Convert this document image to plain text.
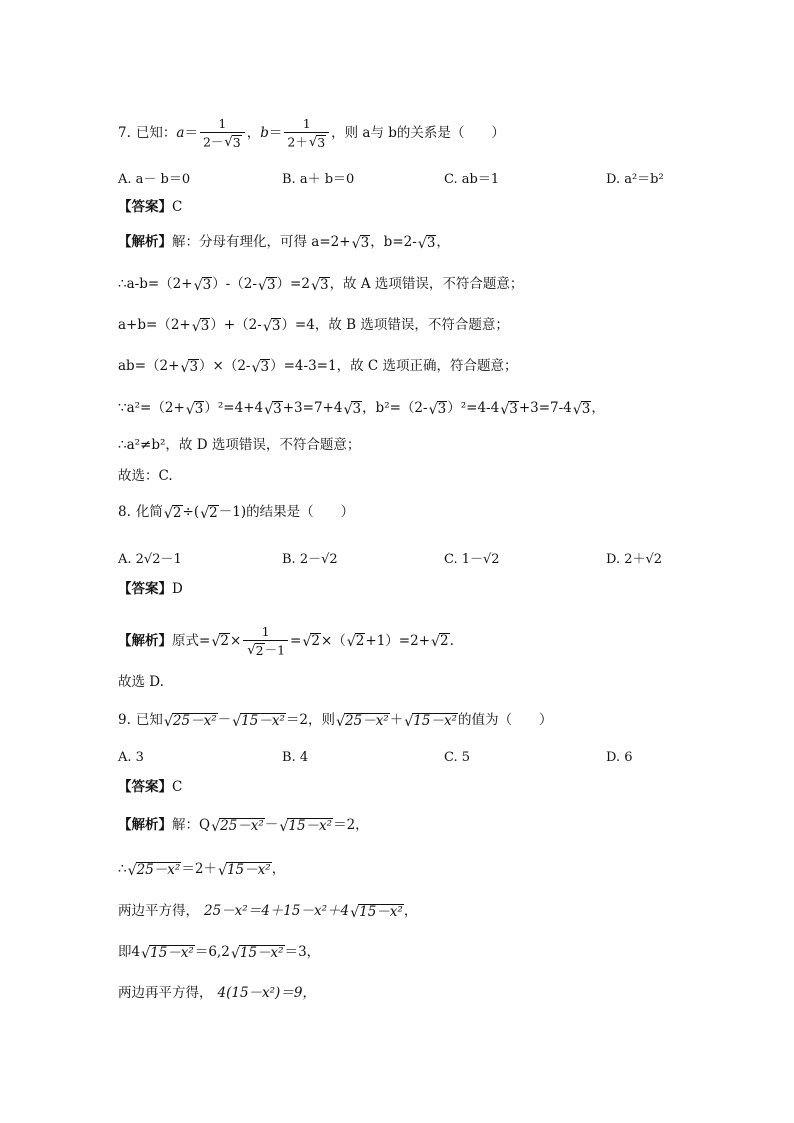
7. 已知： $a = \frac{1}{2- √ 3}$ ， $b = \frac{1}{2+ √ 3}$ ，则 a与 b的关系是（　　）
A. a－ b＝0	B. a＋ b＝0	C. ab＝1	D. a²＝b²
【答案】 C
【解析】 解：分母有理化，可得 a=2+ √ 3 ，b=2- √ 3 ，
∴a-b=（2+ √ 3 ）-（2- √ 3 ）=2 √ 3 ，故 A 选项错误，不符合题意；
a+b=（2+ √ 3 ）+（2- √ 3 ）=4，故 B 选项错误，不符合题意；
ab=（2+ √ 3 ）×（2- √ 3 ）=4-3=1，故 C 选项正确，符合题意；
∵a²=（2+ √ 3 ）²=4+4 √ 3 +3=7+4 √ 3 ，b²=（2- √ 3 ）²=4-4 √ 3 +3=7-4 √ 3 ，
∴a²≠b²，故 D 选项错误，不符合题意；
故选：C.
8. 化简 √ 2 ÷( √ 2 －1) 的结果是（　　）
A. 2√2－1	B. 2－√2	C. 1－√2	D. 2＋√2
【答案】 D
【解析】 原式= √ $2 \times \frac{1}{√ 2 -1}$ = √ 2 ×（ √ 2 +1）=2+ √ 2 .
故选 D.
9. 已知 √ 25－x² － √ 15－x² ＝2 ，则 √ 25－x² ＋ √ 15－x² 的值为（　　）
A. 3	B. 4	C. 5	D. 6
【答案】 C
【解析】 解：Q √ 25－x² － √ 15－x² ＝2 ，
∴ √ 25－x² ＝2＋ √ 15－x² ，
两边平方得， 25－x²＝4＋15－x²＋4 √ 15－x² ，
即4 √ 15－x² ＝6,2 √ 15－x² ＝3，
两边再平方得， 4(15－x²)＝9，
